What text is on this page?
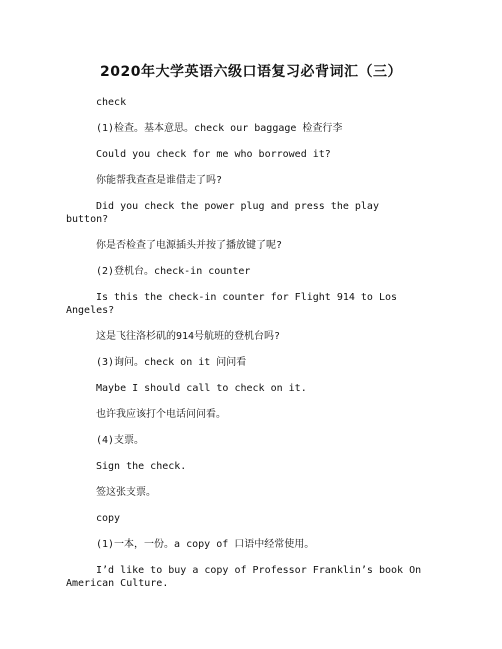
2020年大学英语六级口语复习必背词汇（三）

check

(1)检查。基本意思。check our baggage 检查行李

Could you check for me who borrowed it?

你能帮我查查是谁借走了吗?

Did you check the power plug and press the play button?

你是否检查了电源插头并按了播放键了呢?

(2)登机台。check-in counter

Is this the check-in counter for Flight 914 to Los Angeles?

这是飞往洛杉矶的914号航班的登机台吗?

(3)询问。check on it 问问看

Maybe I should call to check on it.

也许我应该打个电话问问看。

(4)支票。

Sign the check.

签这张支票。

copy

(1)一本，一份。a copy of 口语中经常使用。

I’d like to buy a copy of Professor Franklin’s book On American Culture.
